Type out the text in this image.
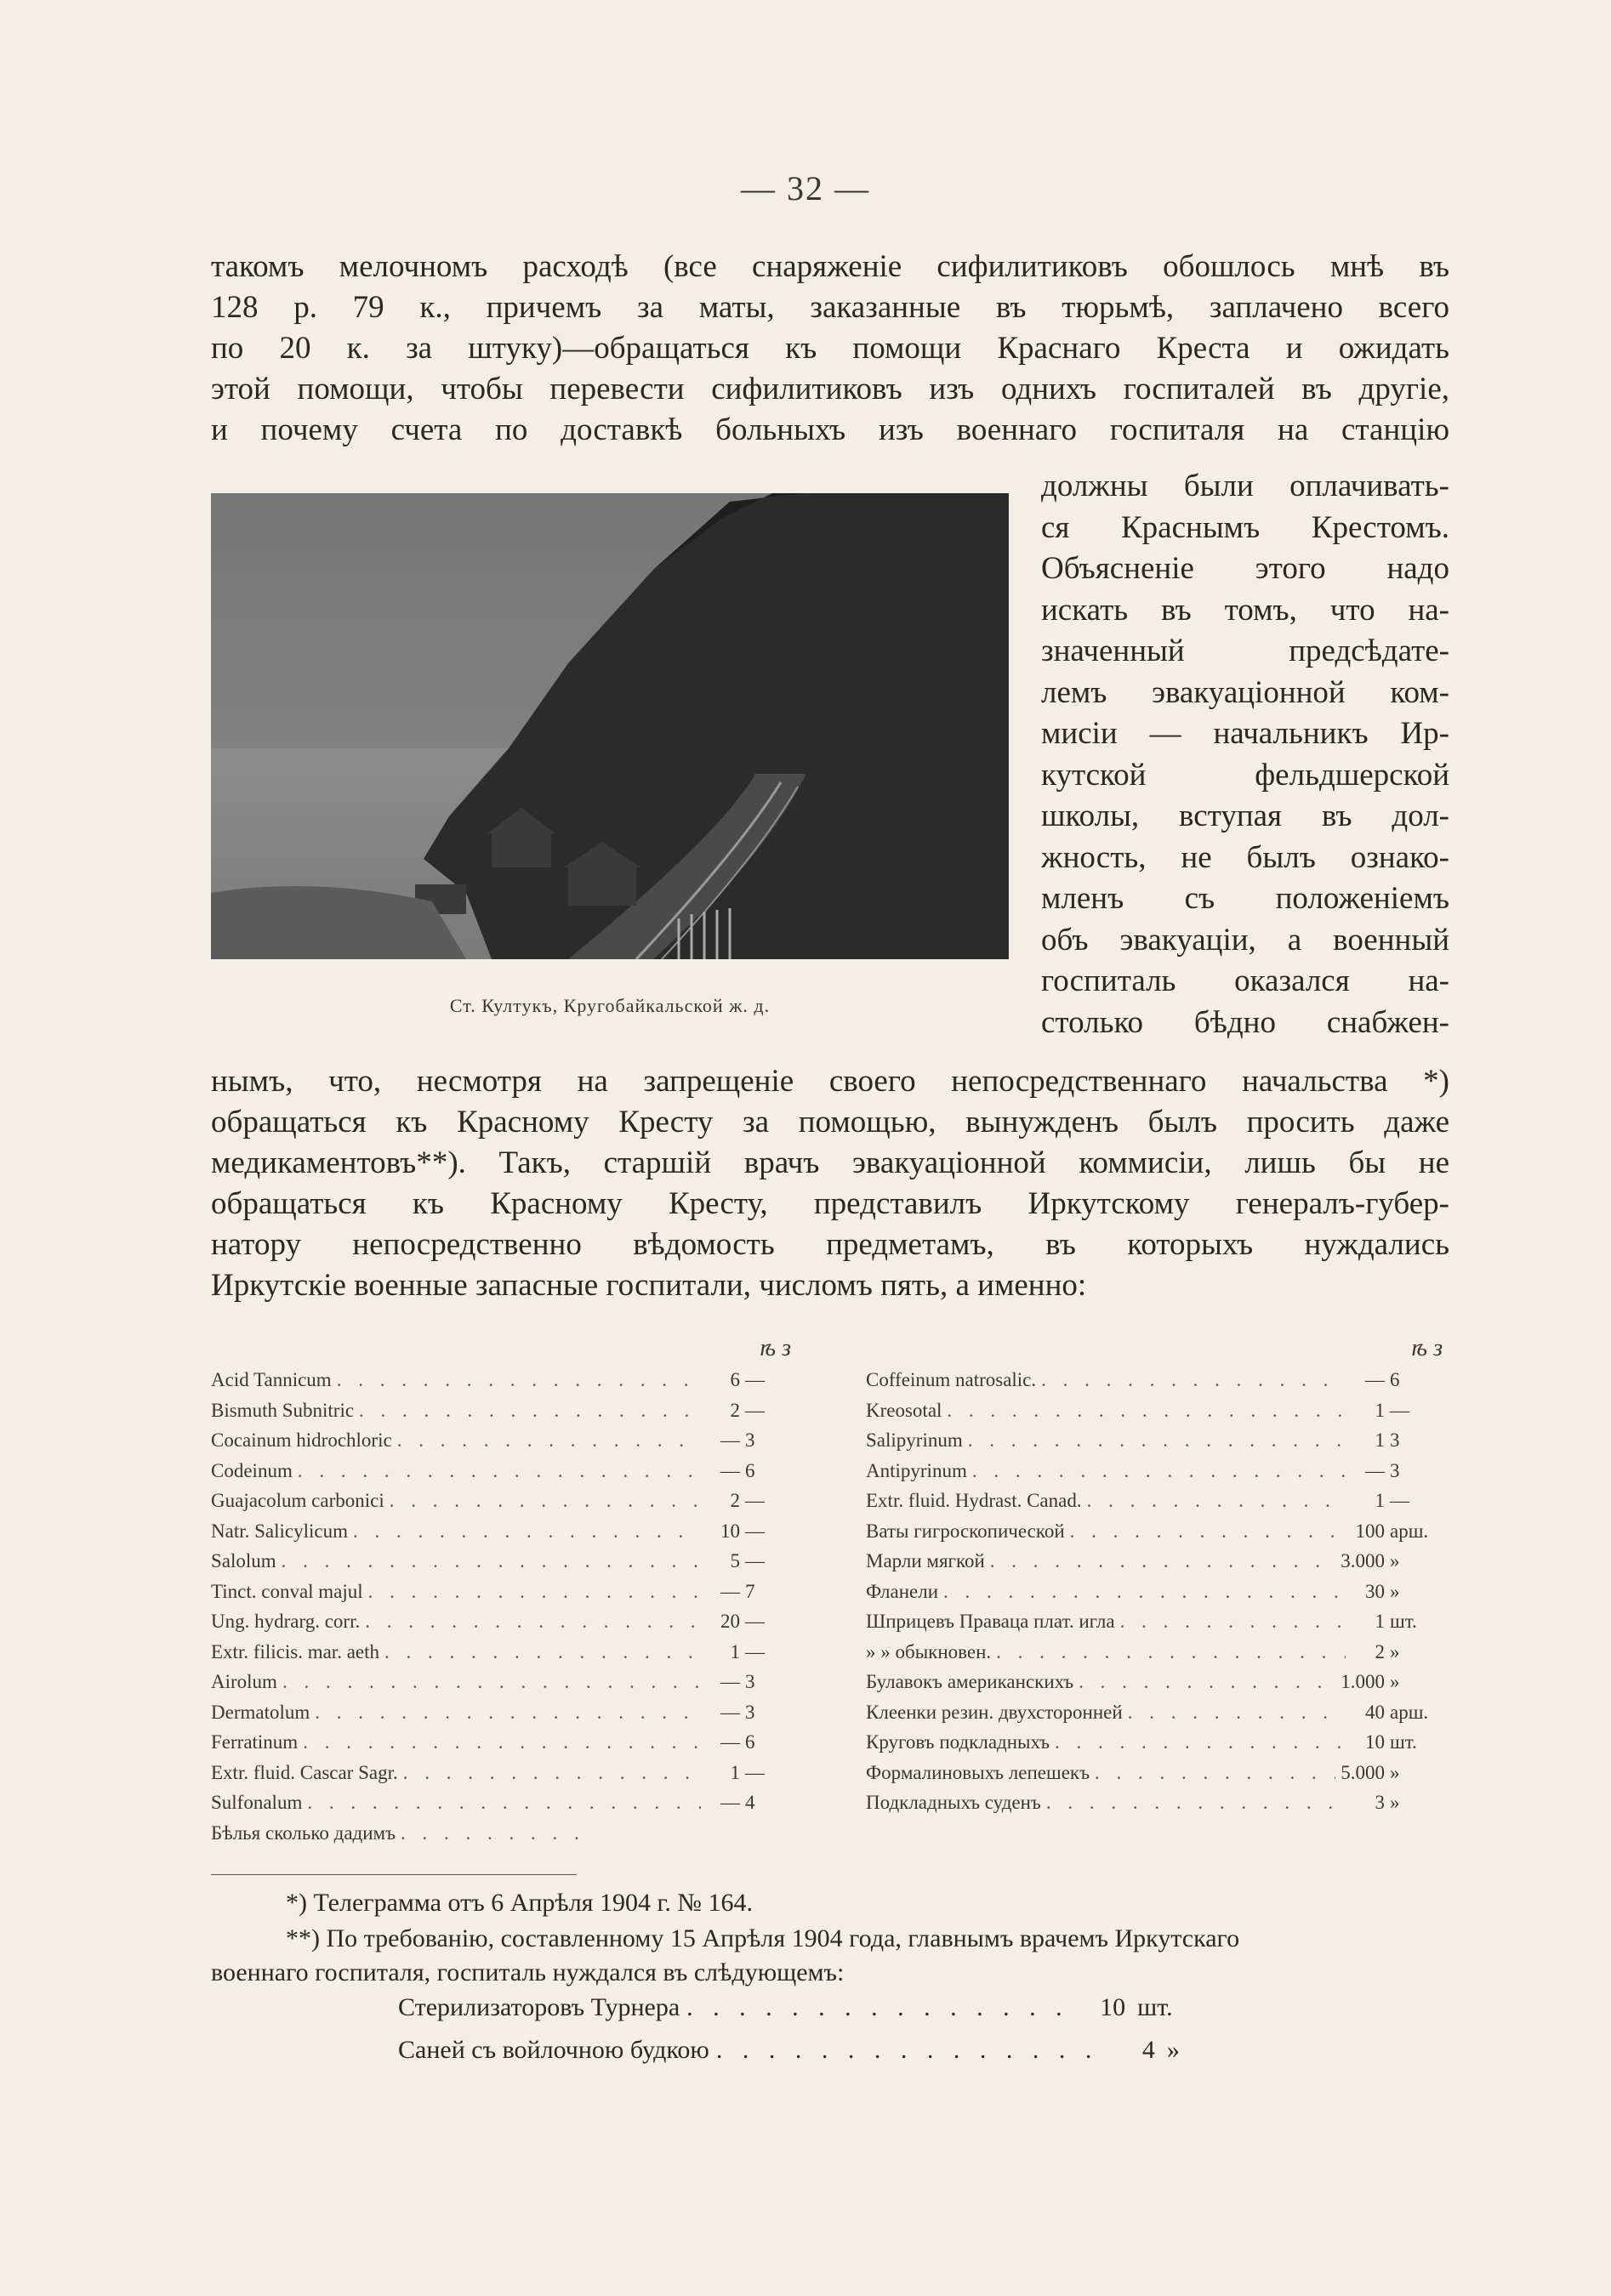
— 32 —
такомъ мелочномъ расходѣ (все снаряженіе сифилитиковъ обошлось мнѣ въ
128 р. 79 к., причемъ за маты, заказанные въ тюрьмѣ, заплачено всего
по 20 к. за штуку)—обращаться къ помощи Краснаго Креста и ожидать
этой помощи, чтобы перевести сифилитиковъ изъ однихъ госпиталей въ другіе,
и почему счета по доставкѣ больныхъ изъ военнаго госпиталя на станцію
Ст. Култукъ, Кругобайкальской ж. д.
должны были оплачивать-
ся Краснымъ Крестомъ.
Объясненіе этого надо
искать въ томъ, что на-
значенный предсѣдате-
лемъ эвакуаціонной ком-
мисіи — начальникъ Ир-
кутской фельдшерской
школы, вступая въ дол-
жность, не былъ ознако-
мленъ съ положеніемъ
объ эвакуаціи, а военный
госпиталь оказался на-
столько бѣдно снабжен-
нымъ, что, несмотря на запрещеніе своего непосредственнаго начальства *)
обращаться къ Красному Кресту за помощью, вынужденъ былъ просить даже
медикаментовъ**). Такъ, старшій врачъ эвакуаціонной коммисіи, лишь бы не
обращаться къ Красному Кресту, представилъ Иркутскому генералъ-губер-
натору непосредственно вѣдомость предметамъ, въ которыхъ нуждались
Иркутскіе военные запасные госпитали, числомъ пять, а именно:
ѣ з
Acid Tannicum . . .	6 —
Bismuth Subnitric . . .	2 —
Cocainum hidrochloric . . .	— 3
Codeinum . . .	— 6
Guajacolum carbonici . . .	2 —
Natr. Salicylicum . . .	10 —
Salolum . . .	5 —
Tinct. conval majul . . .	— 7
Ung. hydrarg. corr. . . .	20 —
Extr. filicis. mar. aeth . . .	1 —
Airolum . . .	— 3
Dermatolum . . .	— 3
Ferratinum . . .	— 6
Extr. fluid. Cascar Sagr. . . .	1 —
Sulfonalum . . .	— 4
Бѣлья сколько дадимъ
. . .
ѣ з
Coffeinum natrosalic. . . .	— 6
Kreosotal . . .	1 —
Salipyrinum . . .	1 3
Antipyrinum . . .	— 3
Extr. fluid. Hydrast. Canad. . . .	1 —
Ваты гигроскопической . . .	100 арш.
Марли мягкой . . .	3.000 »
Фланели . . .	30 »
Шприцевъ Праваца плат. игла . . .	1 шт.
» » обыкновен. . . .	2 »
Булавокъ американскихъ . . .	1.000 »
Клеенки резин. двухсторонней . . .	40 арш.
Круговъ подкладныхъ . . .	10 шт.
Формалиновыхъ лепешекъ . . .	5.000 »
Подкладныхъ суденъ . . .	3 »
*) Телеграмма отъ 6 Апрѣля 1904 г. № 164.
**) По требованію, составленному 15 Апрѣля 1904 года, главнымъ врачемъ Иркутскаго
военнаго госпиталя, госпиталь нуждался въ слѣдующемъ:
Стерилизаторовъ Турнера . . .	10 шт.
Саней съ войлочною будкою . . .	4 »
